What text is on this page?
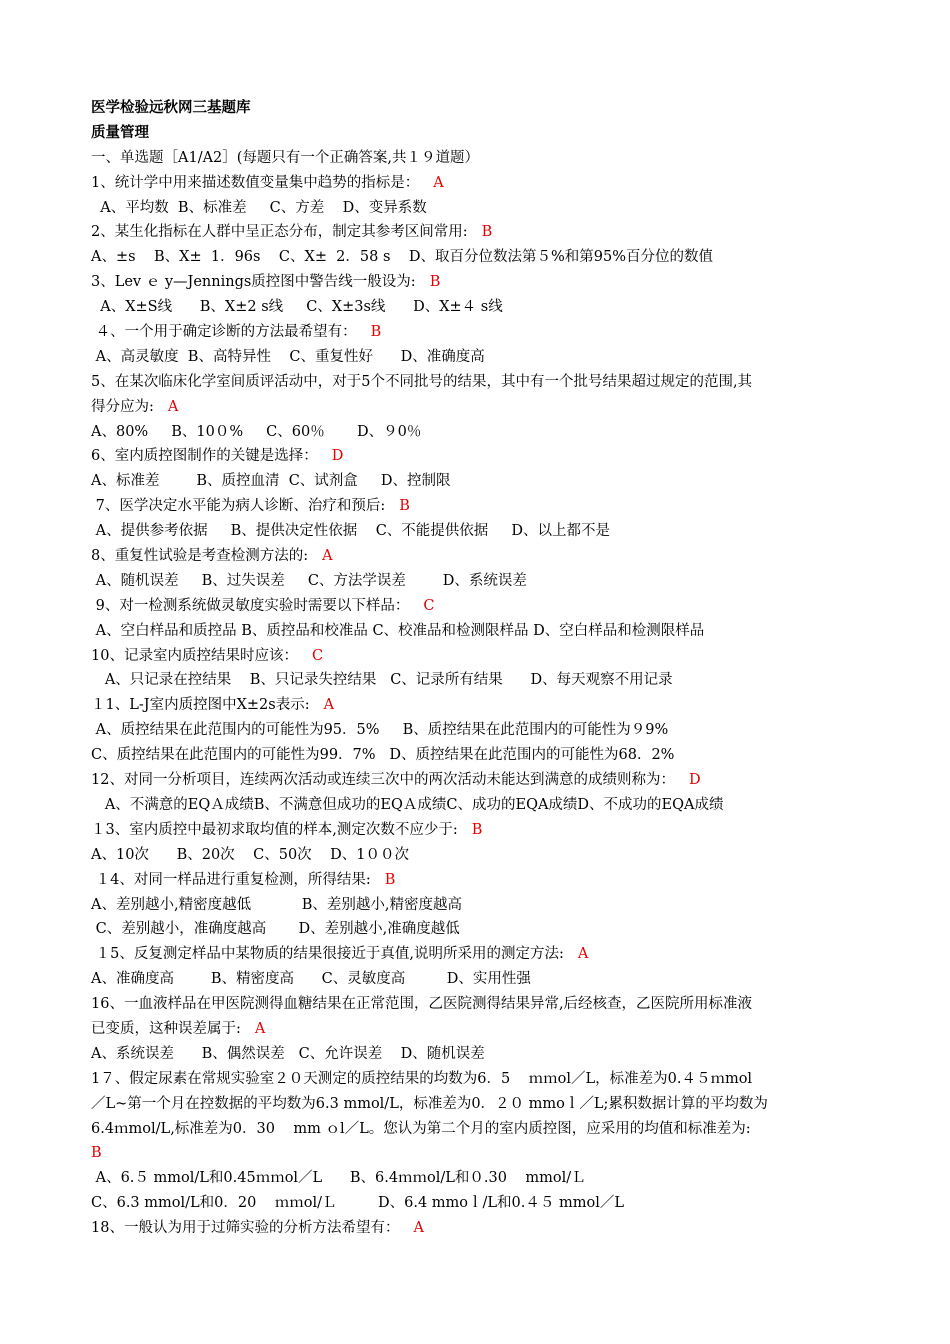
医学检验远秋网三基题库
质量管理
一、单选题［A1/A2］(每题只有一个正确答案,共１９道题）
1、统计学中用来描述数值变量集中趋势的指标是： A
A、平均数  B、标准差     C、方差    D、变异系数
2、某生化指标在人群中呈正态分布，制定其参考区间常用: B
A、±s    B、X±  1．96s    C、X±  2．58 s    D、取百分位数法第５%和第95%百分位的数值
3、Lev ｅ y—Jennings质控图中警告线一般设为: B
A、X±S线      B、X±2 s线     C、X±3s线      D、X±４ s线
４、一个用于确定诊断的方法最希望有： B
A、高灵敏度  B、高特异性    C、重复性好      D、准确度高
5、在某次临床化学室间质评活动中，对于5个不同批号的结果，其中有一个批号结果超过规定的范围,其
得分应为: A
A、80%     B、10０%     C、60％       D、９0％
6、室内质控图制作的关键是选择： D
A、标准差        B、质控血清  C、试剂盒     D、控制限
7、医学决定水平能为病人诊断、治疗和预后: B
A、提供参考依据     B、提供决定性依据    C、不能提供依据     D、以上都不是
8、重复性试验是考查检测方法的: A
A、随机误差     B、过失误差     C、方法学误差        D、系统误差
9、对一检测系统做灵敏度实验时需要以下样品： C
A、空白样品和质控品 B、质控品和校准品 C、校准品和检测限样品 D、空白样品和检测限样品
10、记录室内质控结果时应该： C
A、只记录在控结果    B、只记录失控结果   C、记录所有结果      D、每天观察不用记录
１1、L-J室内质控图中X±2s表示: A
A、质控结果在此范围内的可能性为95．5%     B、质控结果在此范围内的可能性为９9%
C、质控结果在此范围内的可能性为99．7%   D、质控结果在此范围内的可能性为68．2%
12、对同一分析项目，连续两次活动或连续三次中的两次活动未能达到满意的成绩则称为： D
A、不满意的EQＡ成绩B、不满意但成功的EQＡ成绩C、成功的EQA成绩D、不成功的EQA成绩
１3、室内质控中最初求取均值的样本,测定次数不应少于: B
A、10次      B、20次    C、50次    D、1００次
１4、对同一样品进行重复检测，所得结果: B
A、差别越小,精密度越低           B、差别越小,精密度越高
C、差别越小，准确度越高       D、差别越小,准确度越低
１5、反复测定样品中某物质的结果很接近于真值,说明所采用的测定方法: A
A、准确度高        B、精密度高      C、灵敏度高         D、实用性强
16、一血液样品在甲医院测得血糖结果在正常范围，乙医院测得结果异常,后经核查，乙医院所用标准液
已变质，这种误差属于: A
A、系统误差      B、偶然误差   C、允许误差    D、随机误差
1７、假定尿素在常规实验室２０天测定的质控结果的均数为6．5    ｍｍol／L，标准差为0.４５ｍmol
／L~第一个月在控数据的平均数为6.3 mmol/L，标准差为0．２０ mmoｌ／L;累积数据计算的平均数为
6.4ｍmol/L,标准差为0．30    mm ｏl／L。您认为第二个月的室内质控图，应采用的均值和标准差为:
B
A、6.５ mmol/L和0.45ｍｍol／L      B、6.4ｍｍol/L和０.30    mmol/Ｌ
C、6.3 mmol/L和0．20    ｍｍol/Ｌ         D、6.4 mmoｌ/L和0.４５ mmol／L
18、一般认为用于过筛实验的分析方法希望有： A
